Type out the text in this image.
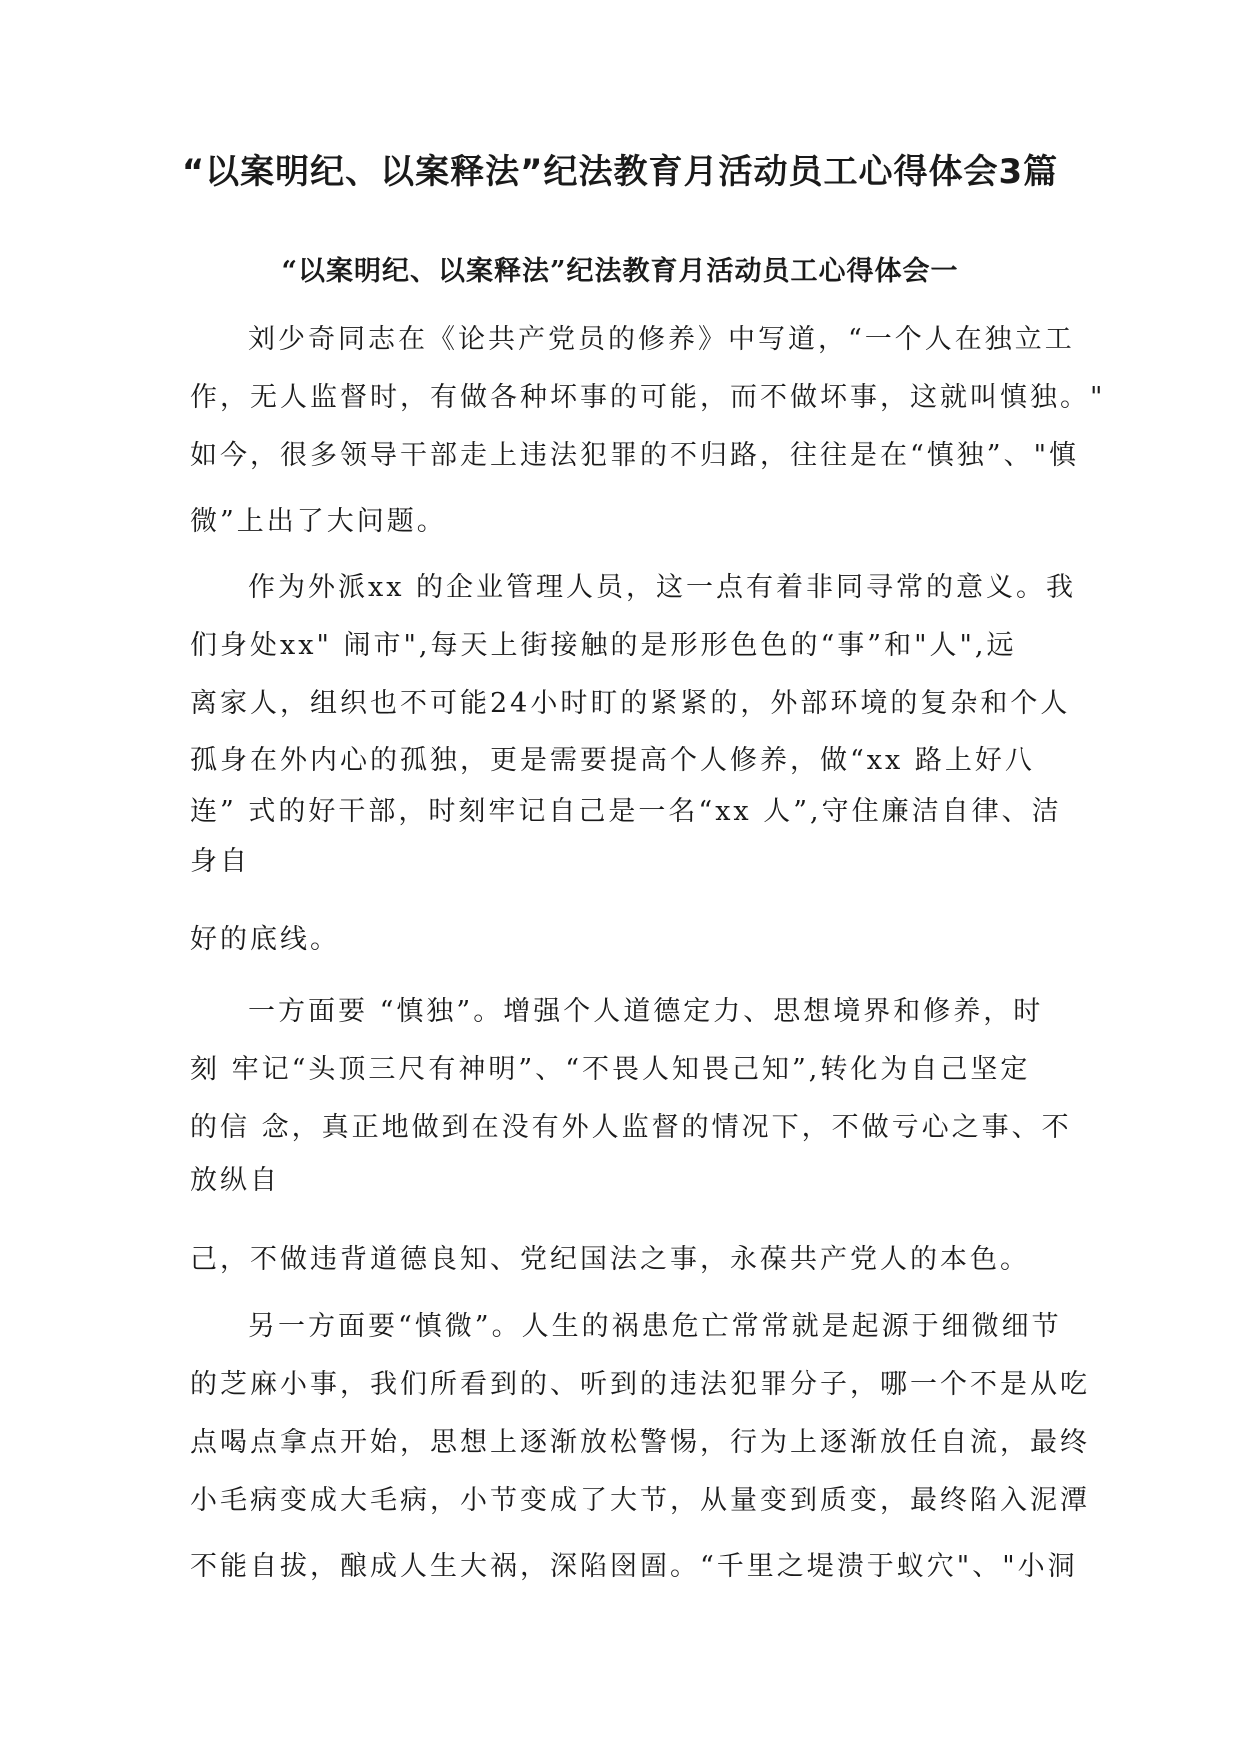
“以案明纪、以案释法”纪法教育月活动员工心得体会3篇
“以案明纪、以案释法”纪法教育月活动员工心得体会一
刘少奇同志在《论共产党员的修养》中写道，“一个人在独立工
作，无人监督时，有做各种坏事的可能，而不做坏事，这就叫慎独。"
如今，很多领导干部走上违法犯罪的不归路，往往是在“慎独”、"慎
微”上出了大问题。
作为外派xx 的企业管理人员，这一点有着非同寻常的意义。我
们身处xx" 闹市",每天上街接触的是形形色色的“事”和"人",远
离家人，组织也不可能24小时盯的紧紧的，外部环境的复杂和个人
孤身在外内心的孤独，更是需要提高个人修养，做“xx 路上好八
连” 式的好干部，时刻牢记自己是一名“xx 人”,守住廉洁自律、洁
身自
好的底线。
一方面要 “慎独”。增强个人道德定力、思想境界和修养，时
刻 牢记“头顶三尺有神明”、“不畏人知畏己知”,转化为自己坚定
的信 念，真正地做到在没有外人监督的情况下，不做亏心之事、不
放纵自
己，不做违背道德良知、党纪国法之事，永葆共产党人的本色。
另一方面要“慎微”。人生的祸患危亡常常就是起源于细微细节
的芝麻小事，我们所看到的、听到的违法犯罪分子，哪一个不是从吃
点喝点拿点开始，思想上逐渐放松警惕，行为上逐渐放任自流，最终
小毛病变成大毛病，小节变成了大节，从量变到质变，最终陷入泥潭
不能自拔，酿成人生大祸，深陷囹圄。“千里之堤溃于蚁穴"、"小洞
